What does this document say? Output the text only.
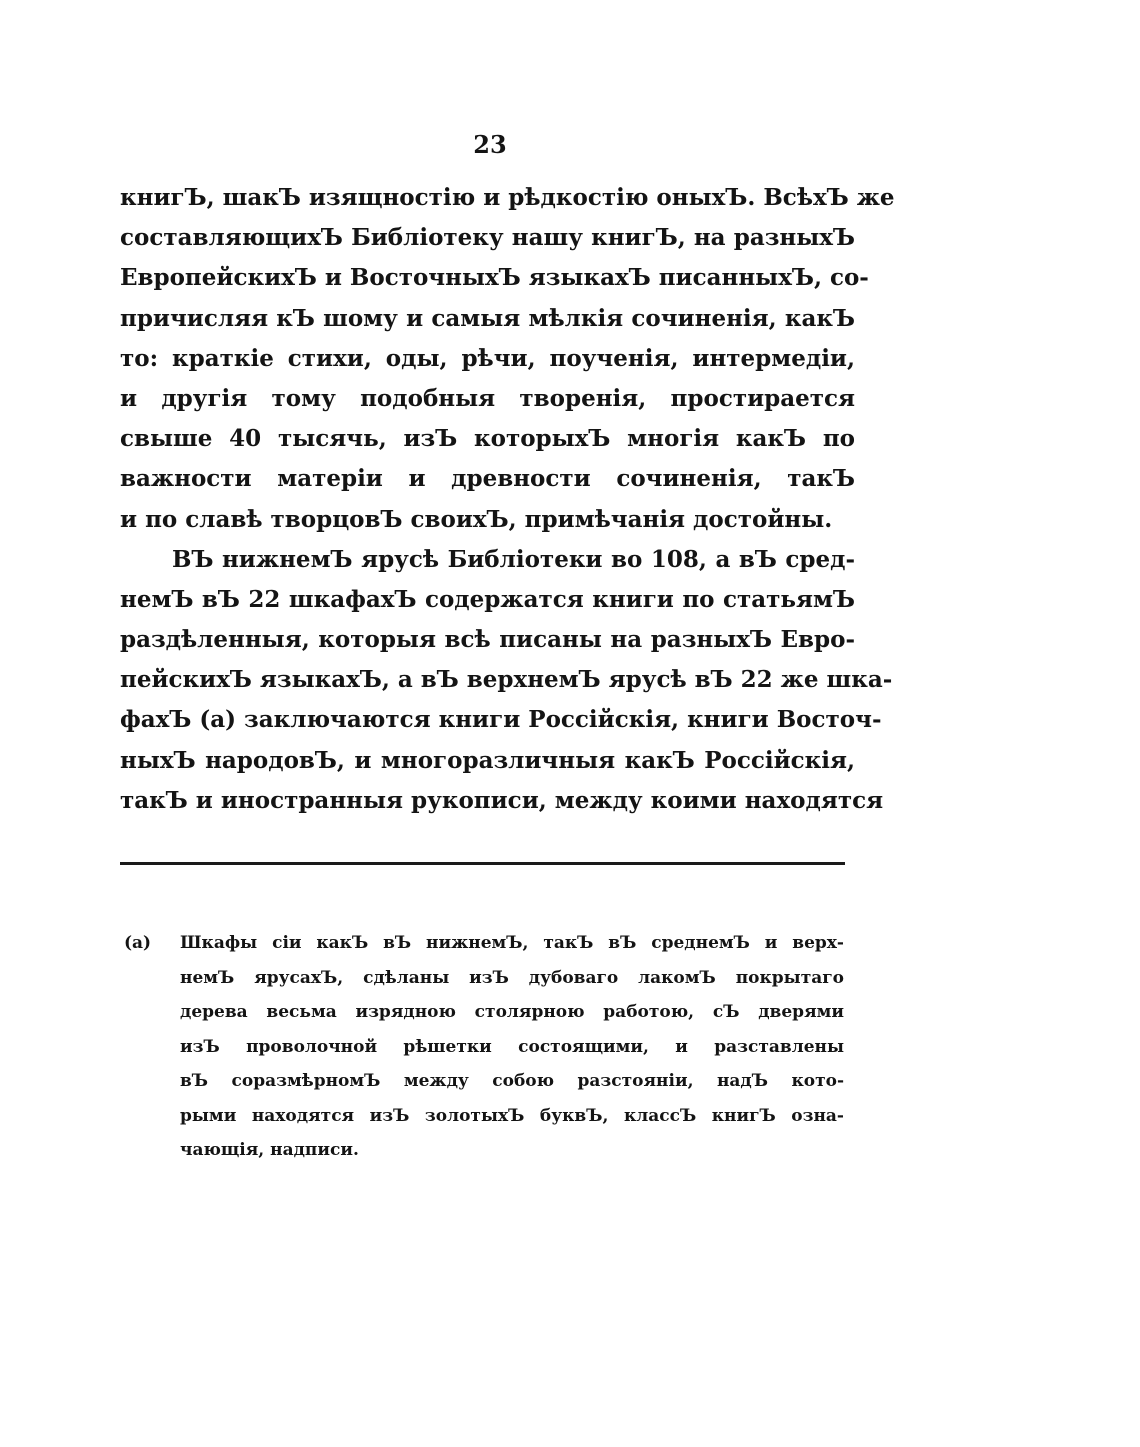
23
книгЪ, шакЪ изящностію и рѣдкостію оныхЪ. ВсѣхЪ же
составляющихЪ Библіотеку нашу книгЪ, на разныхЪ
ЕвропейскихЪ и ВосточныхЪ языкахЪ писанныхЪ, со-
причисляя кЪ шому и самыя мѣлкія сочиненія, какЪ
то: краткіе стихи, оды, рѣчи, поученія, интермедіи,
и другія тому подобныя творенія, простирается
свыше 40 тысячь, изЪ которыхЪ многія какЪ по
важности матеріи и древности сочиненія, такЪ
и по славѣ творцовЪ своихЪ, примѣчанія достойны.
ВЪ нижнемЪ ярусѣ Библіотеки во 108, а вЪ сред-
немЪ вЪ 22 шкафахЪ содержатся книги по статьямЪ
раздѣленныя, которыя всѣ писаны на разныхЪ Евро-
пейскихЪ языкахЪ, а вЪ верхнемЪ ярусѣ вЪ 22 же шка-
фахЪ (а) заключаются книги Россійскія, книги Восточ-
ныхЪ народовЪ, и многоразличныя какЪ Россійскія,
такЪ и иностранныя рукописи, между коими находятся
(а)	Шкафы сіи какЪ вЪ нижнемЪ, такЪ вЪ среднемЪ и верх-
немЪ ярусахЪ, сдѣланы изЪ дубоваго лакомЪ покрытаго
дерева весьма изрядною столярною работою, сЪ дверями
изЪ проволочной рѣшетки состоящими, и разставлены
вЪ соразмѣрномЪ между собою разстояніи, надЪ кото-
рыми находятся изЪ золотыхЪ буквЪ, классЪ книгЪ озна-
чающія, надписи.
